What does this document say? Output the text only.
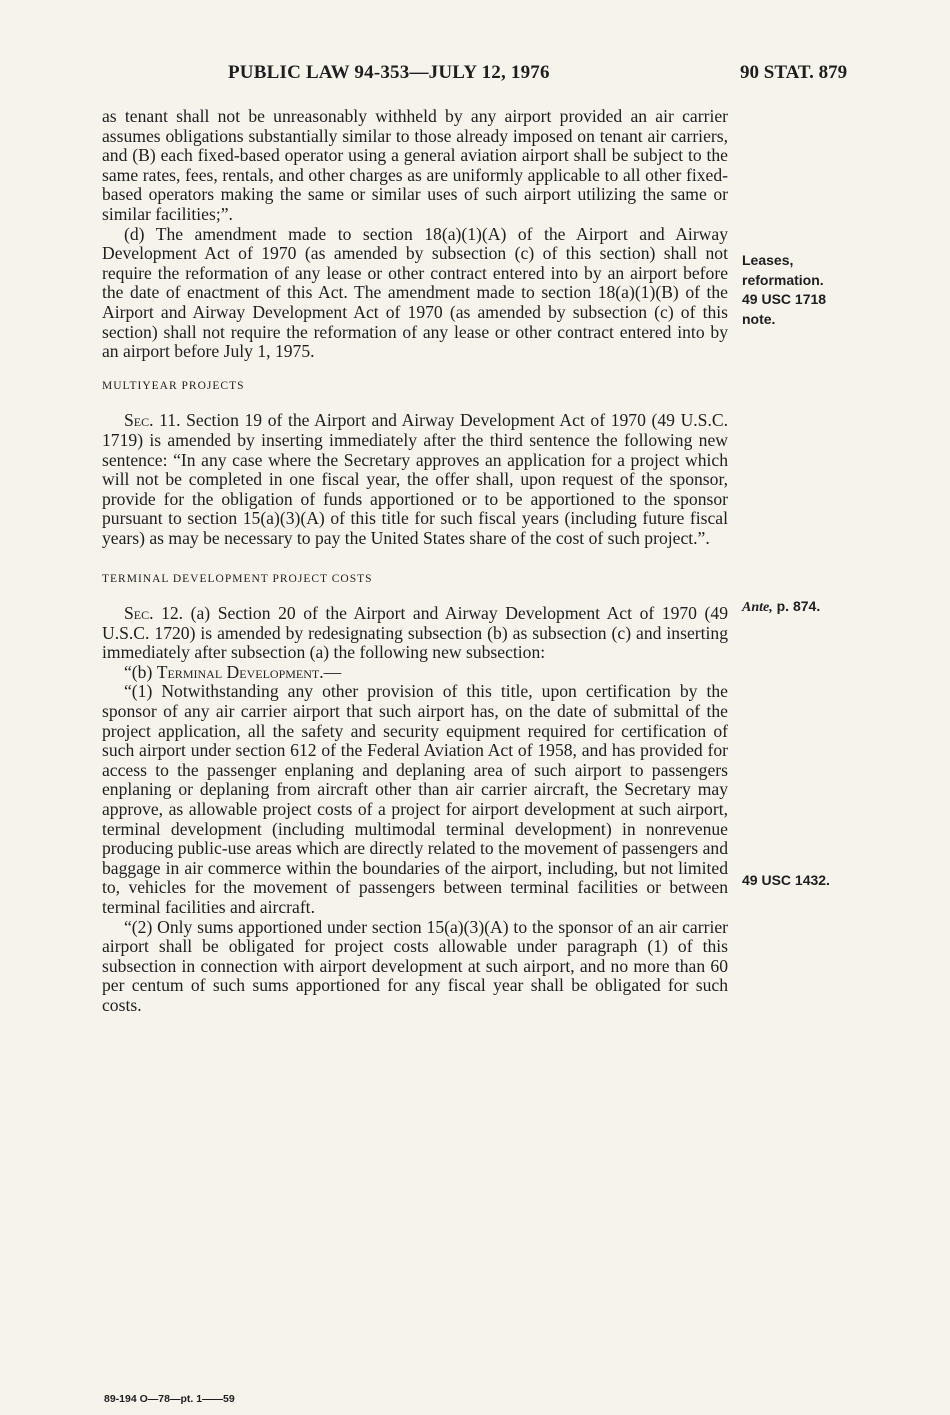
PUBLIC LAW 94-353—JULY 12, 1976	90 STAT. 879

as tenant shall not be unreasonably withheld by any airport provided an air carrier assumes obligations substantially similar to those already imposed on tenant air carriers, and (B) each fixed-based operator using a general aviation airport shall be subject to the same rates, fees, rentals, and other charges as are uniformly applicable to all other fixed-based operators making the same or similar uses of such airport utilizing the same or similar facilities;”.

(d) The amendment made to section 18(a)(1)(A) of the Airport and Airway Development Act of 1970 (as amended by subsection (c) of this section) shall not require the reformation of any lease or other contract entered into by an airport before the date of enactment of this Act. The amendment made to section 18(a)(1)(B) of the Airport and Airway Development Act of 1970 (as amended by subsection (c) of this section) shall not require the reformation of any lease or other contract entered into by an airport before July 1, 1975.

MULTIYEAR PROJECTS

Sec. 11. Section 19 of the Airport and Airway Development Act of 1970 (49 U.S.C. 1719) is amended by inserting immediately after the third sentence the following new sentence: “In any case where the Secretary approves an application for a project which will not be completed in one fiscal year, the offer shall, upon request of the sponsor, provide for the obligation of funds apportioned or to be apportioned to the sponsor pursuant to section 15(a)(3)(A) of this title for such fiscal years (including future fiscal years) as may be necessary to pay the United States share of the cost of such project.”.

TERMINAL DEVELOPMENT PROJECT COSTS

Sec. 12. (a) Section 20 of the Airport and Airway Development Act of 1970 (49 U.S.C. 1720) is amended by redesignating subsection (b) as subsection (c) and inserting immediately after subsection (a) the following new subsection:

“(b) Terminal Development.—

“(1) Notwithstanding any other provision of this title, upon certification by the sponsor of any air carrier airport that such airport has, on the date of submittal of the project application, all the safety and security equipment required for certification of such airport under section 612 of the Federal Aviation Act of 1958, and has provided for access to the passenger enplaning and deplaning area of such airport to passengers enplaning or deplaning from aircraft other than air carrier aircraft, the Secretary may approve, as allowable project costs of a project for airport development at such airport, terminal development (including multimodal terminal development) in nonrevenue producing public-use areas which are directly related to the movement of passengers and baggage in air commerce within the boundaries of the airport, including, but not limited to, vehicles for the movement of passengers between terminal facilities or between terminal facilities and aircraft.

“(2) Only sums apportioned under section 15(a)(3)(A) to the sponsor of an air carrier airport shall be obligated for project costs allowable under paragraph (1) of this subsection in connection with airport development at such airport, and no more than 60 per centum of such sums apportioned for any fiscal year shall be obligated for such costs.

Leases,
reformation.
49 USC 1718
note.
Ante, p. 874.
49 USC 1432.
89-194 O—78—pt. 1——59
